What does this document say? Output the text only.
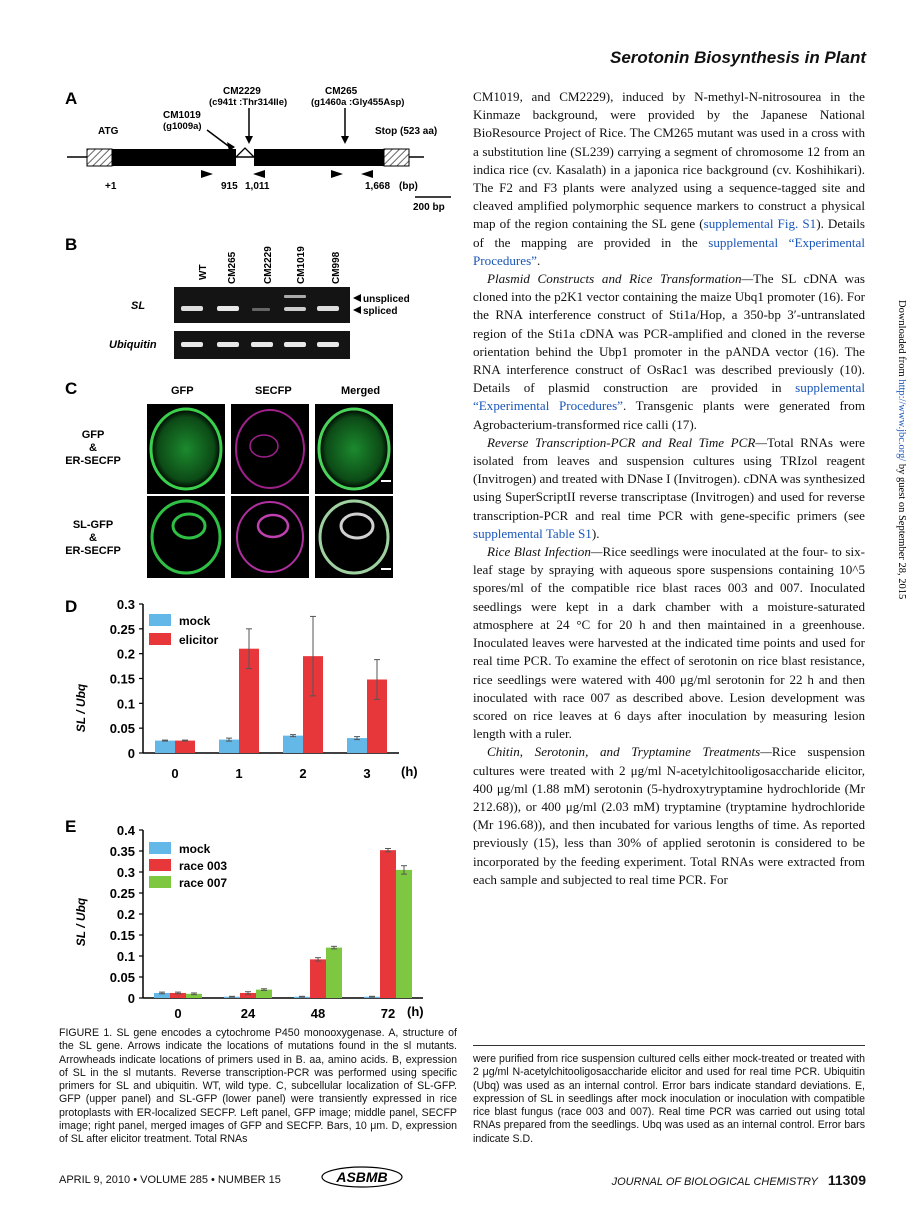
Serotonin Biosynthesis in Plant
A	CM2229
(c941t :Thr314Ile)
CM265
(g1460a :Gly455Asp)
CM1019
(g1009a)
ATG	Stop (523 aa)
+1	915 1,011	1,668 (bp)
200 bp
B
WT CM265	CM2229 CM1019 CM998
SL
Ubiquitin
unspliced
spliced
C	GFP	SECFP	Merged
GFP
&
ER-SECFP
SL-GFP
&
ER-SECFP
D
SL / Ubq
(h)
0
0.05
0.1
0.15
0.2
0.25
0.3
0	1	2	3
mock
elicitor
E
SL / Ubq
(h)
0
0.05
0.1
0.15
0.2
0.25
0.3
0.35
0.4
0	24	48	72
mock
race 003
race 007

CM1019, and CM2229), induced by N-methyl-N-nitrosourea in the Kinmaze background, were provided by the Japanese National BioResource Project of Rice. The CM265 mutant was used in a cross with a substitution line (SL239) carrying a segment of chromosome 12 from an indica rice (cv. Kasalath) in a japonica rice background (cv. Koshihikari). The F2 and F3 plants were analyzed using a sequence-tagged site and cleaved amplified polymorphic sequence markers to construct a physical map of the region containing the SL gene (supplemental Fig. S1). Details of the mapping are provided in the supplemental “Experimental Procedures”.

Plasmid Constructs and Rice Transformation—The SL cDNA was cloned into the p2K1 vector containing the maize Ubq1 promoter (16). For the RNA interference construct of Sti1a/Hop, a 350-bp 3′-untranslated region of the Sti1a cDNA was PCR-amplified and cloned in the reverse orientation behind the Ubp1 promoter in the pANDA vector (16). The RNA interference construct of OsRac1 was described previously (10). Details of plasmid construction are provided in supplemental “Experimental Procedures”. Transgenic plants were generated from Agrobacterium-transformed rice calli (17).

Reverse Transcription-PCR and Real Time PCR—Total RNAs were isolated from leaves and suspension cultures using TRIzol reagent (Invitrogen) and treated with DNase I (Invitrogen). cDNA was synthesized using SuperScriptII reverse transcriptase (Invitrogen) and used for reverse transcription-PCR and real time PCR with gene-specific primers (see supplemental Table S1).

Rice Blast Infection—Rice seedlings were inoculated at the four- to six-leaf stage by spraying with aqueous spore suspensions containing 10^5 spores/ml of the compatible rice blast races 003 and 007. Inoculated seedlings were kept in a dark chamber with a moisture-saturated atmosphere at 24 °C for 20 h and then maintained in a greenhouse. Inoculated leaves were harvested at the indicated time points and used for real time PCR. To examine the effect of serotonin on rice blast resistance, rice seedlings were watered with 400 μg/ml serotonin for 22 h and then inoculated with race 007 as described above. Lesion development was scored on rice leaves at 6 days after inoculation by measuring lesion length with a ruler.

Chitin, Serotonin, and Tryptamine Treatments—Rice suspension cultures were treated with 2 μg/ml N-acetylchitooligosaccharide elicitor, 400 μg/ml (1.88 mM) serotonin (5-hydroxytryptamine hydrochloride (Mr 212.68)), or 400 μg/ml (2.03 mM) tryptamine (tryptamine hydrochloride (Mr 196.68)), and then incubated for various lengths of time. As reported previously (15), less than 30% of applied serotonin is considered to be incorporated by the feeding experiment. Total RNAs were extracted from each sample and subjected to real time PCR. For

FIGURE 1. SL gene encodes a cytochrome P450 monooxygenase. A, structure of the SL gene. Arrows indicate the locations of mutations found in the sl mutants. Arrowheads indicate locations of primers used in B. aa, amino acids. B, expression of SL in the sl mutants. Reverse transcription-PCR was performed using specific primers for SL and ubiquitin. WT, wild type. C, subcellular localization of SL-GFP. GFP (upper panel) and SL-GFP (lower panel) were transiently expressed in rice protoplasts with ER-localized SECFP. Left panel, GFP image; middle panel, SECFP image; right panel, merged images of GFP and SECFP. Bars, 10 μm. D, expression of SL after elicitor treatment. Total RNAs
were purified from rice suspension cultured cells either mock-treated or treated with 2 μg/ml N-acetylchitooligosaccharide elicitor and used for real time PCR. Ubiquitin (Ubq) was used as an internal control. Error bars indicate standard deviations. E, expression of SL in seedlings after mock inoculation or inoculation with compatible rice blast fungus (race 003 and 007). Real time PCR was carried out using total RNAs prepared from the seedlings. Ubq was used as an internal control. Error bars indicate S.D.
Downloaded from http://www.jbc.org/ by guest on September 28, 2015
APRIL 9, 2010 • VOLUME 285 • NUMBER 15	ASBMB	JOURNAL OF BIOLOGICAL CHEMISTRY 11309
